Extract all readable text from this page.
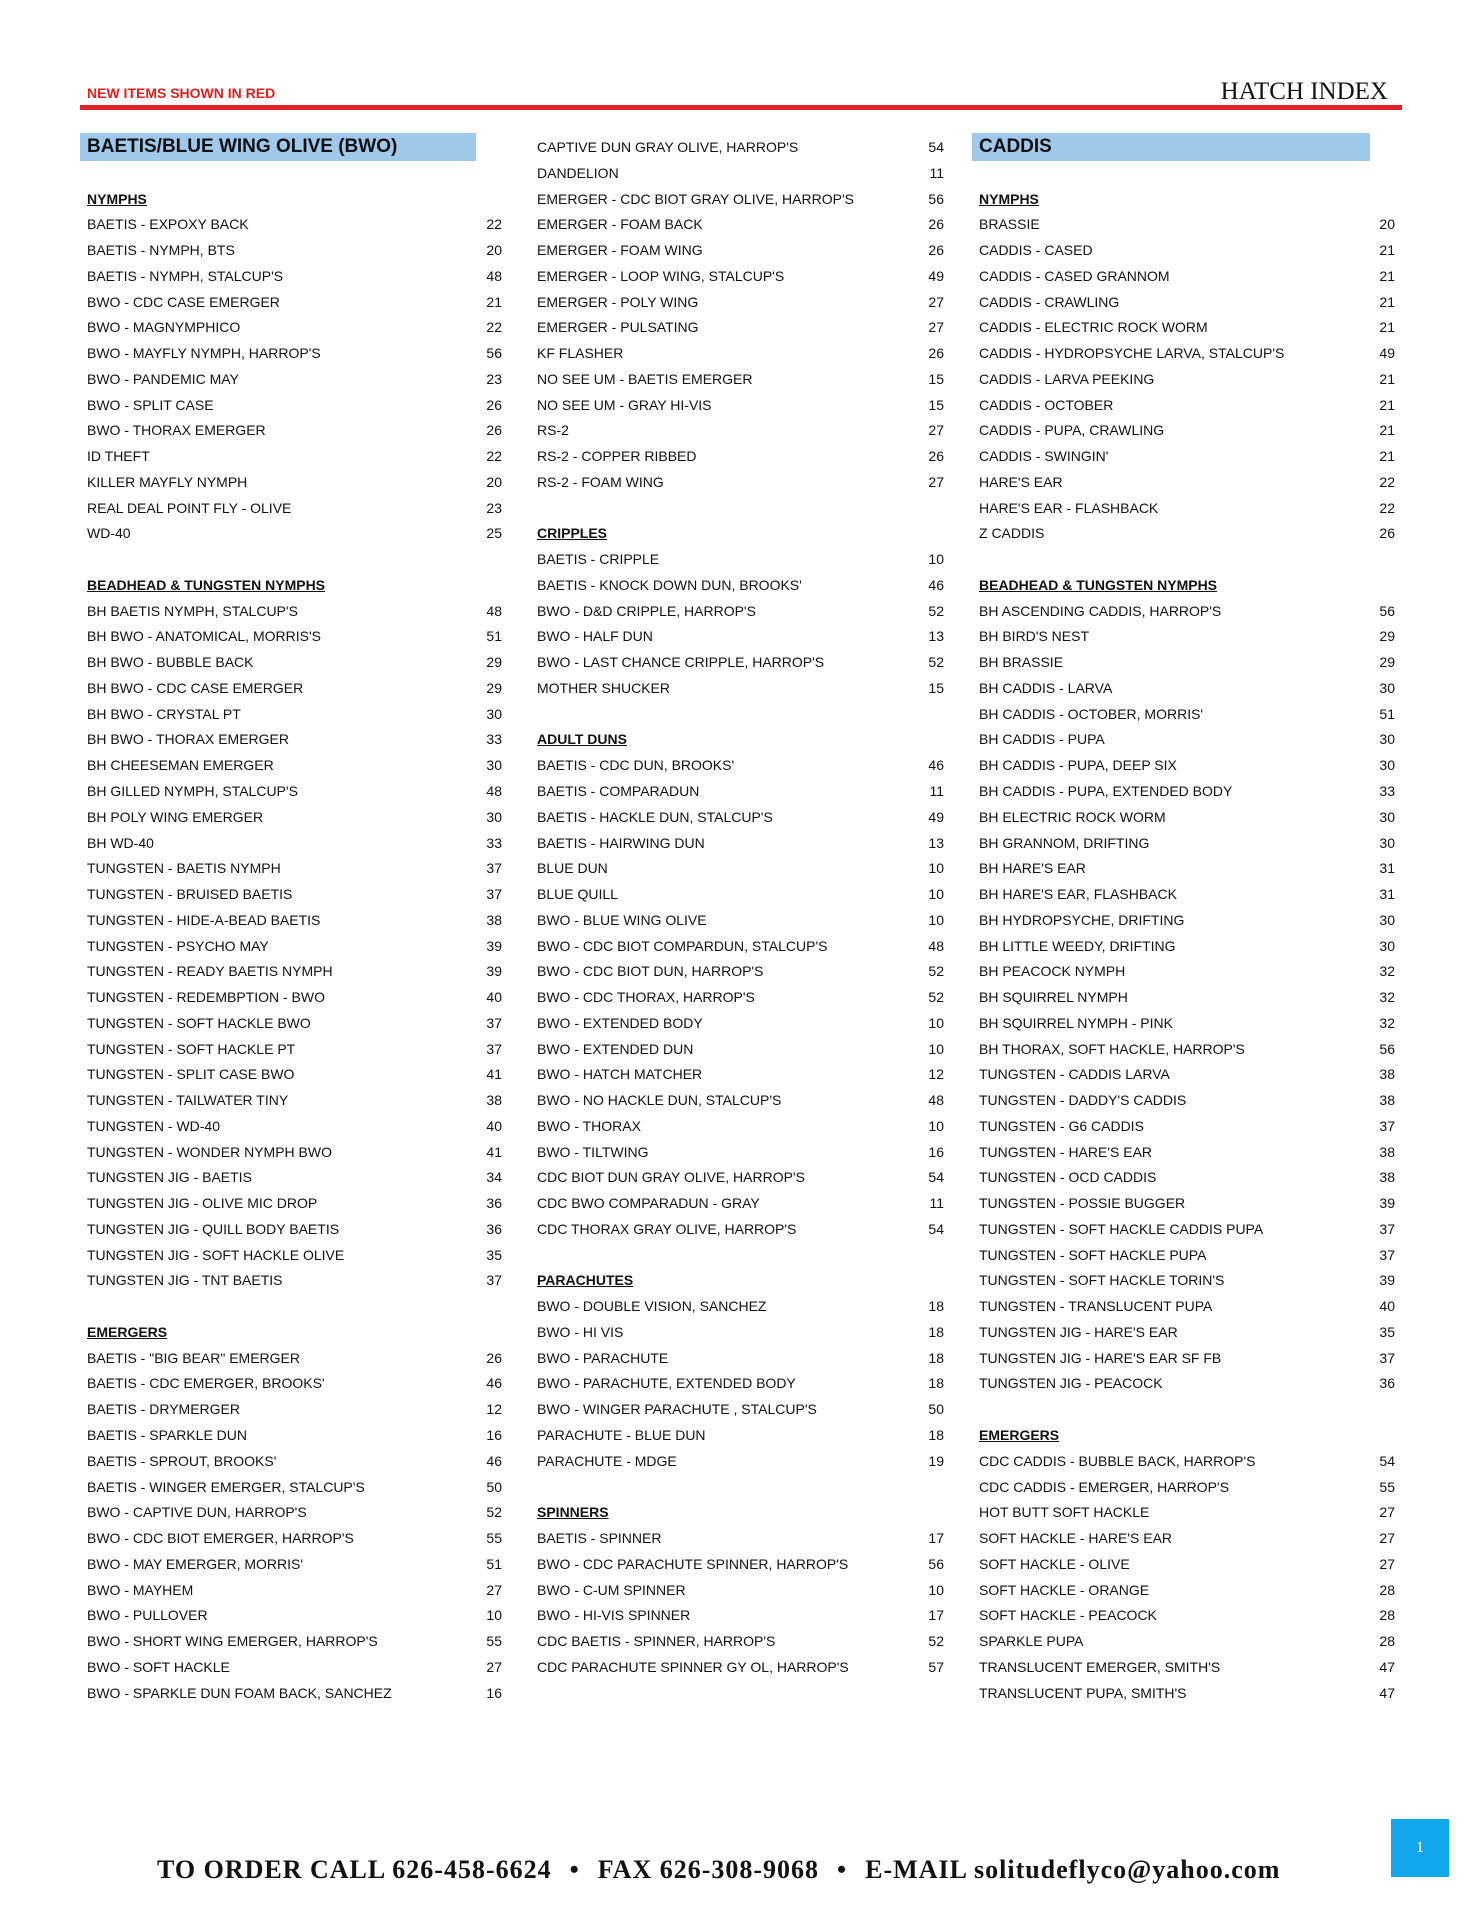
NEW ITEMS SHOWN IN RED	HATCH INDEX
BAETIS/BLUE WING OLIVE (BWO)
NYMPHS
BAETIS - EXPOXY BACK	22
BAETIS - NYMPH, BTS	20
BAETIS - NYMPH, STALCUP'S	48
BWO - CDC CASE EMERGER	21
BWO - MAGNYMPHICO	22
BWO - MAYFLY NYMPH, HARROP'S	56
BWO - PANDEMIC MAY	23
BWO - SPLIT CASE	26
BWO - THORAX EMERGER	26
ID THEFT	22
KILLER MAYFLY NYMPH	20
REAL DEAL POINT FLY - OLIVE	23
WD-40	25
BEADHEAD & TUNGSTEN NYMPHS
BH BAETIS NYMPH, STALCUP'S	48
BH BWO - ANATOMICAL, MORRIS'S	51
BH BWO - BUBBLE BACK	29
BH BWO - CDC CASE EMERGER	29
BH BWO - CRYSTAL PT	30
BH BWO - THORAX EMERGER	33
BH CHEESEMAN EMERGER	30
BH GILLED NYMPH, STALCUP'S	48
BH POLY WING EMERGER	30
BH WD-40	33
TUNGSTEN - BAETIS NYMPH	37
TUNGSTEN - BRUISED BAETIS	37
TUNGSTEN - HIDE-A-BEAD BAETIS	38
TUNGSTEN - PSYCHO MAY	39
TUNGSTEN - READY BAETIS NYMPH	39
TUNGSTEN - REDEMBPTION - BWO	40
TUNGSTEN - SOFT HACKLE BWO	37
TUNGSTEN - SOFT HACKLE PT	37
TUNGSTEN - SPLIT CASE BWO	41
TUNGSTEN - TAILWATER TINY	38
TUNGSTEN - WD-40	40
TUNGSTEN - WONDER NYMPH BWO	41
TUNGSTEN JIG - BAETIS	34
TUNGSTEN JIG - OLIVE MIC DROP	36
TUNGSTEN JIG - QUILL BODY BAETIS	36
TUNGSTEN JIG - SOFT HACKLE OLIVE	35
TUNGSTEN JIG - TNT BAETIS	37
EMERGERS
BAETIS - "BIG BEAR" EMERGER	26
BAETIS - CDC EMERGER, BROOKS'	46
BAETIS - DRYMERGER	12
BAETIS - SPARKLE DUN	16
BAETIS - SPROUT, BROOKS'	46
BAETIS - WINGER EMERGER, STALCUP'S	50
BWO - CAPTIVE DUN, HARROP'S	52
BWO - CDC BIOT EMERGER, HARROP'S	55
BWO - MAY EMERGER, MORRIS'	51
BWO - MAYHEM	27
BWO - PULLOVER	10
BWO - SHORT WING EMERGER, HARROP'S	55
BWO - SOFT HACKLE	27
BWO - SPARKLE DUN FOAM BACK, SANCHEZ	16
CAPTIVE DUN GRAY OLIVE, HARROP'S	54
DANDELION	11
EMERGER - CDC BIOT GRAY OLIVE, HARROP'S	56
EMERGER - FOAM BACK	26
EMERGER - FOAM WING	26
EMERGER - LOOP WING, STALCUP'S	49
EMERGER - POLY WING	27
EMERGER - PULSATING	27
KF FLASHER	26
NO SEE UM - BAETIS EMERGER	15
NO SEE UM - GRAY HI-VIS	15
RS-2	27
RS-2 - COPPER RIBBED	26
RS-2 - FOAM WING	27
CRIPPLES
BAETIS - CRIPPLE	10
BAETIS - KNOCK DOWN DUN, BROOKS'	46
BWO - D&D CRIPPLE, HARROP'S	52
BWO - HALF DUN	13
BWO - LAST CHANCE CRIPPLE, HARROP'S	52
MOTHER SHUCKER	15
ADULT DUNS
BAETIS - CDC DUN, BROOKS'	46
BAETIS - COMPARADUN	11
BAETIS - HACKLE DUN, STALCUP'S	49
BAETIS - HAIRWING DUN	13
BLUE DUN	10
BLUE QUILL	10
BWO - BLUE WING OLIVE	10
BWO - CDC BIOT COMPARDUN, STALCUP'S	48
BWO - CDC BIOT DUN, HARROP'S	52
BWO - CDC THORAX, HARROP'S	52
BWO - EXTENDED BODY	10
BWO - EXTENDED DUN	10
BWO - HATCH MATCHER	12
BWO - NO HACKLE DUN, STALCUP'S	48
BWO - THORAX	10
BWO - TILTWING	16
CDC BIOT DUN GRAY OLIVE, HARROP'S	54
CDC BWO COMPARADUN - GRAY	11
CDC THORAX GRAY OLIVE, HARROP'S	54
PARACHUTES
BWO - DOUBLE VISION, SANCHEZ	18
BWO - HI VIS	18
BWO - PARACHUTE	18
BWO - PARACHUTE, EXTENDED BODY	18
BWO - WINGER PARACHUTE , STALCUP'S	50
PARACHUTE - BLUE DUN	18
PARACHUTE - MDGE	19
SPINNERS
BAETIS - SPINNER	17
BWO - CDC PARACHUTE SPINNER, HARROP'S	56
BWO - C-UM SPINNER	10
BWO - HI-VIS SPINNER	17
CDC BAETIS - SPINNER, HARROP'S	52
CDC PARACHUTE SPINNER GY OL, HARROP'S	57
CADDIS
NYMPHS
BRASSIE	20
CADDIS - CASED	21
CADDIS - CASED GRANNOM	21
CADDIS - CRAWLING	21
CADDIS - ELECTRIC ROCK WORM	21
CADDIS - HYDROPSYCHE LARVA, STALCUP'S	49
CADDIS - LARVA PEEKING	21
CADDIS - OCTOBER	21
CADDIS - PUPA, CRAWLING	21
CADDIS - SWINGIN'	21
HARE'S EAR	22
HARE'S EAR - FLASHBACK	22
Z CADDIS	26
BEADHEAD & TUNGSTEN NYMPHS
BH ASCENDING CADDIS, HARROP'S	56
BH BIRD'S NEST	29
BH BRASSIE	29
BH CADDIS - LARVA	30
BH CADDIS - OCTOBER, MORRIS'	51
BH CADDIS - PUPA	30
BH CADDIS - PUPA, DEEP SIX	30
BH CADDIS - PUPA, EXTENDED BODY	33
BH ELECTRIC ROCK WORM	30
BH GRANNOM, DRIFTING	30
BH HARE'S EAR	31
BH HARE'S EAR, FLASHBACK	31
BH HYDROPSYCHE, DRIFTING	30
BH LITTLE WEEDY, DRIFTING	30
BH PEACOCK NYMPH	32
BH SQUIRREL NYMPH	32
BH SQUIRREL NYMPH - PINK	32
BH THORAX, SOFT HACKLE, HARROP'S	56
TUNGSTEN - CADDIS LARVA	38
TUNGSTEN - DADDY'S CADDIS	38
TUNGSTEN - G6 CADDIS	37
TUNGSTEN - HARE'S EAR	38
TUNGSTEN - OCD CADDIS	38
TUNGSTEN - POSSIE BUGGER	39
TUNGSTEN - SOFT HACKLE CADDIS PUPA	37
TUNGSTEN - SOFT HACKLE PUPA	37
TUNGSTEN - SOFT HACKLE TORIN'S	39
TUNGSTEN - TRANSLUCENT PUPA	40
TUNGSTEN JIG - HARE'S EAR	35
TUNGSTEN JIG - HARE'S EAR SF FB	37
TUNGSTEN JIG - PEACOCK	36
EMERGERS
CDC CADDIS - BUBBLE BACK, HARROP'S	54
CDC CADDIS - EMERGER, HARROP'S	55
HOT BUTT SOFT HACKLE	27
SOFT HACKLE - HARE'S EAR	27
SOFT HACKLE - OLIVE	27
SOFT HACKLE - ORANGE	28
SOFT HACKLE - PEACOCK	28
SPARKLE PUPA	28
TRANSLUCENT EMERGER, SMITH'S	47
TRANSLUCENT PUPA, SMITH'S	47
TO ORDER CALL 626-458-6624 • FAX 626-308-9068 • E-MAIL solitudeflyco@yahoo.com
1
